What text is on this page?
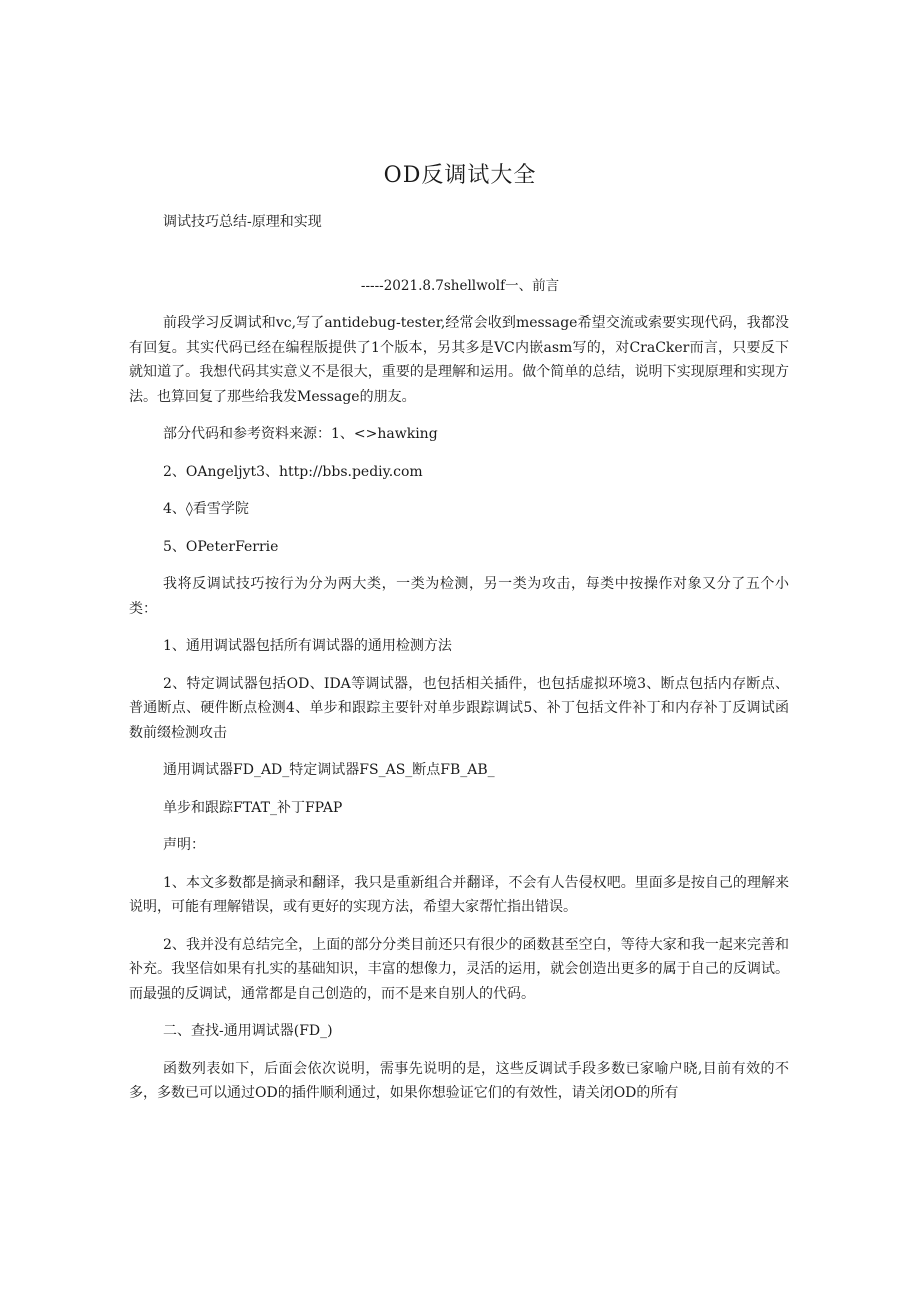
OD反调试大全
调试技巧总结-原理和实现
-----2021.8.7shellwolf一、前言

前段学习反调试和vc,写了antidebug-tester,经常会收到message希望交流或索要实现代码，我都没有回复。其实代码已经在编程版提供了1个版本，另其多是VC内嵌asm写的，对CraCker而言，只要反下就知道了。我想代码其实意义不是很大，重要的是理解和运用。做个简单的总结，说明下实现原理和实现方法。也算回复了那些给我发Message的朋友。

部分代码和参考资料来源：1、<>hawking

2、OAngeljyt3、http://bbs.pediy.com

4、◊看雪学院

5、OPeterFerrie

我将反调试技巧按行为分为两大类，一类为检测，另一类为攻击，每类中按操作对象又分了五个小类：

1、通用调试器包括所有调试器的通用检测方法

2、特定调试器包括OD、IDA等调试器，也包括相关插件，也包括虚拟环境3、断点包括内存断点、普通断点、硬件断点检测4、单步和跟踪主要针对单步跟踪调试5、补丁包括文件补丁和内存补丁反调试函数前缀检测攻击

通用调试器FD_AD_特定调试器FS_AS_断点FB_AB_

单步和跟踪FTAT_补丁FPAP

声明：

1、本文多数都是摘录和翻译，我只是重新组合并翻译，不会有人告侵权吧。里面多是按自己的理解来说明，可能有理解错误，或有更好的实现方法，希望大家帮忙指出错误。

2、我并没有总结完全，上面的部分分类目前还只有很少的函数甚至空白，等待大家和我一起来完善和补充。我坚信如果有扎实的基础知识，丰富的想像力，灵活的运用，就会创造出更多的属于自己的反调试。而最强的反调试，通常都是自己创造的，而不是来自别人的代码。

二、查找-通用调试器(FD_)

函数列表如下，后面会依次说明，需事先说明的是，这些反调试手段多数已家喻户晓,目前有效的不多，多数已可以通过OD的插件顺利通过，如果你想验证它们的有效性，请关闭OD的所有
